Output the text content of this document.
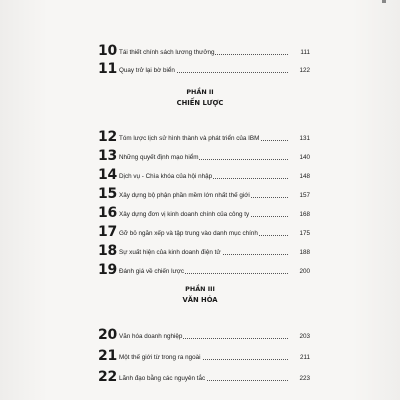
10 Tái thiết chính sách lương thưởng	111
11 Quay trở lại bờ biển	122
PHẦN II
CHIẾN LƯỢC
12 Tóm lược lịch sử hình thành và phát triển của IBM	131
13 Những quyết định mạo hiểm	140
14 Dịch vụ - Chìa khóa của hội nhập	148
15 Xây dựng bộ phận phần mềm lớn nhất thế giới	157
16 Xây dựng đơn vị kinh doanh chính của công ty	168
17 Gỡ bỏ ngăn xếp và tập trung vào danh mục chính	175
18 Sự xuất hiện của kinh doanh điện tử	188
19 Đánh giá về chiến lược	200
PHẦN III
VĂN HÓA
20 Văn hóa doanh nghiệp	203
21 Một thế giới từ trong ra ngoài	211
22 Lãnh đạo bằng các nguyên tắc	223
